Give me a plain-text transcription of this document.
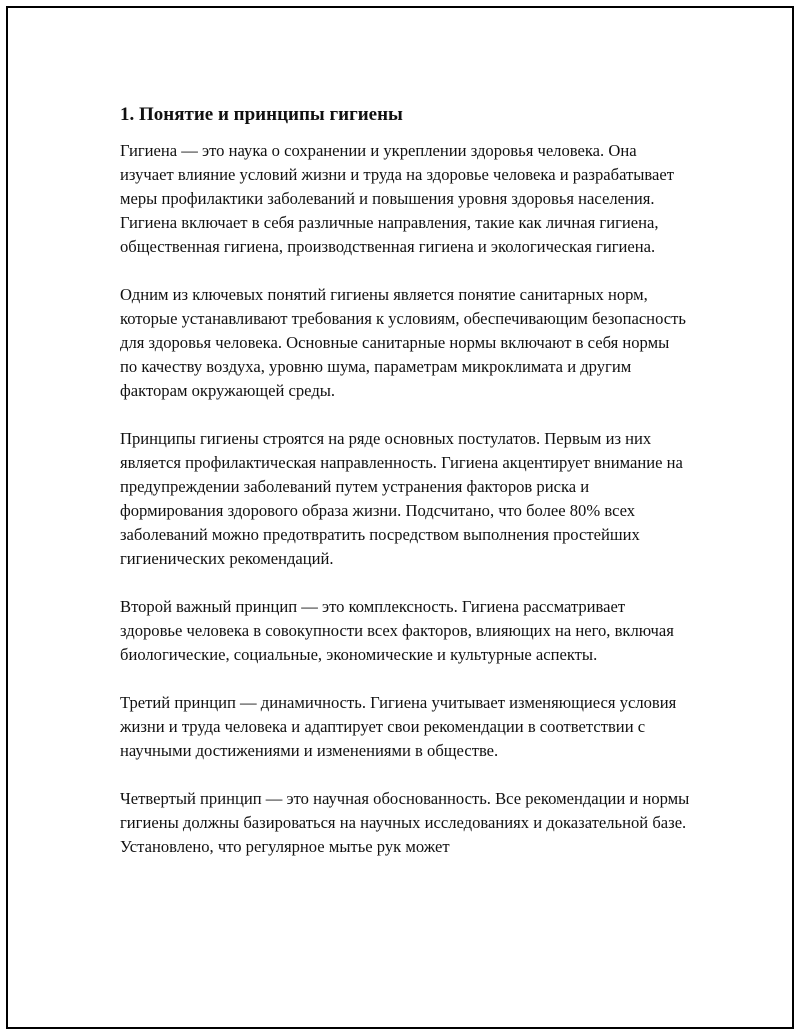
1. Понятие и принципы гигиены

Гигиена — это наука о сохранении и укреплении здоровья человека. Она изучает влияние условий жизни и труда на здоровье человека и разрабатывает меры профилактики заболеваний и повышения уровня здоровья населения. Гигиена включает в себя различные направления, такие как личная гигиена, общественная гигиена, производственная гигиена и экологическая гигиена.

Одним из ключевых понятий гигиены является понятие санитарных норм, которые устанавливают требования к условиям, обеспечивающим безопасность для здоровья человека. Основные санитарные нормы включают в себя нормы по качеству воздуха, уровню шума, параметрам микроклимата и другим факторам окружающей среды.

Принципы гигиены строятся на ряде основных постулатов. Первым из них является профилактическая направленность. Гигиена акцентирует внимание на предупреждении заболеваний путем устранения факторов риска и формирования здорового образа жизни. Подсчитано, что более 80% всех заболеваний можно предотвратить посредством выполнения простейших гигиенических рекомендаций.

Второй важный принцип — это комплексность. Гигиена рассматривает здоровье человека в совокупности всех факторов, влияющих на него, включая биологические, социальные, экономические и культурные аспекты.

Третий принцип — динамичность. Гигиена учитывает изменяющиеся условия жизни и труда человека и адаптирует свои рекомендации в соответствии с научными достижениями и изменениями в обществе.

Четвертый принцип — это научная обоснованность. Все рекомендации и нормы гигиены должны базироваться на научных исследованиях и доказательной базе. Установлено, что регулярное мытье рук может
